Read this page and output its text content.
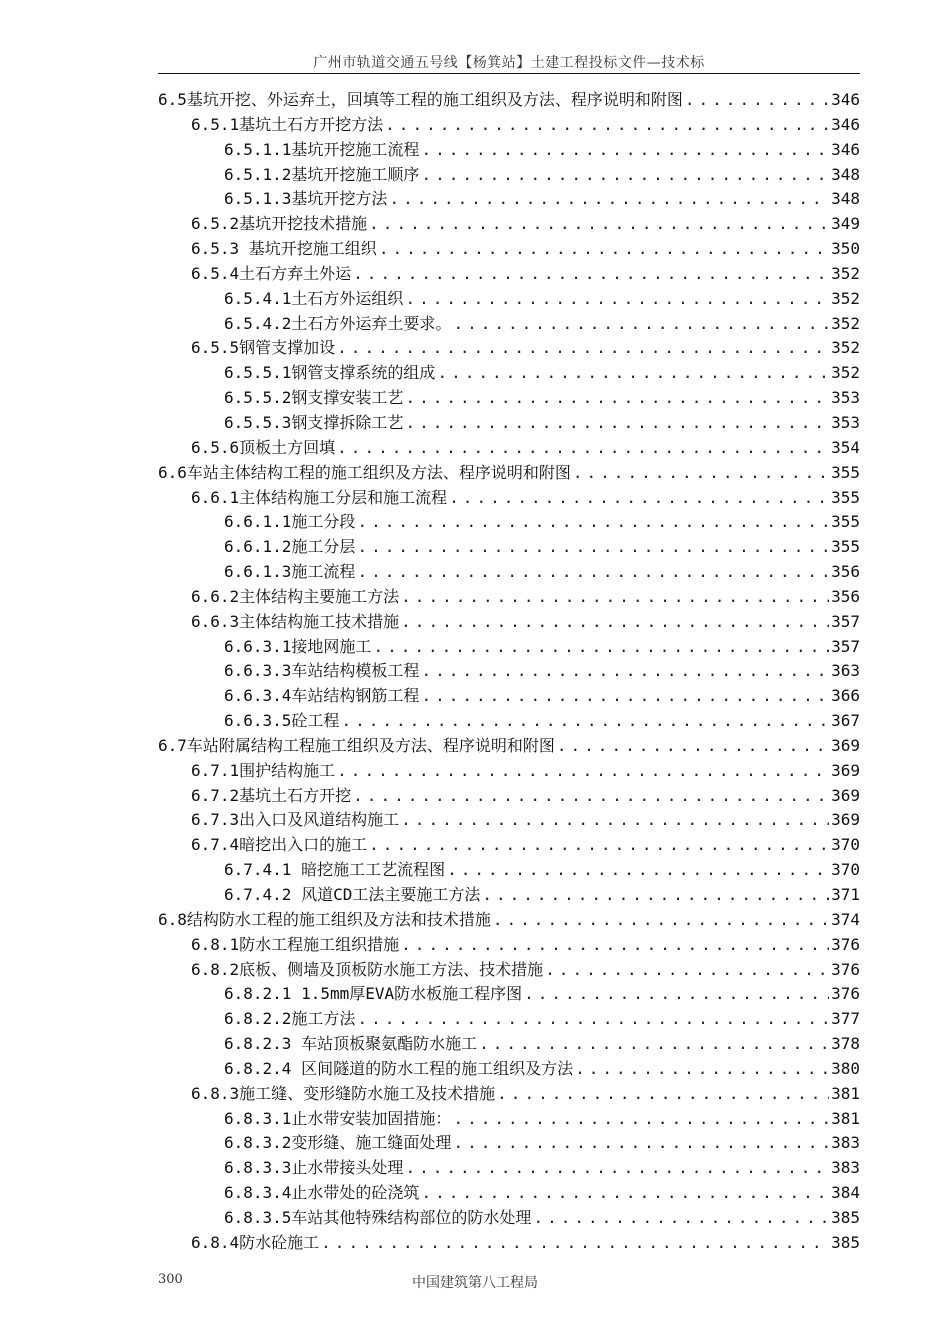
广州市轨道交通五号线【杨箕站】土建工程投标文件—技术标
6.5基坑开挖、外运弃土，回填等工程的施工组织及方法、程序说明和附图 .....	346
6.5.1基坑土石方开挖方法 .....	346
6.5.1.1基坑开挖施工流程 .....	346
6.5.1.2基坑开挖施工顺序 .....	348
6.5.1.3基坑开挖方法 .....	348
6.5.2基坑开挖技术措施 .....	349
6.5.3 基坑开挖施工组织 .....	350
6.5.4土石方弃土外运 .....	352
6.5.4.1土石方外运组织 .....	352
6.5.4.2土石方外运弃土要求。 .....	352
6.5.5钢管支撑加设 .....	352
6.5.5.1钢管支撑系统的组成 .....	352
6.5.5.2钢支撑安装工艺 .....	353
6.5.5.3钢支撑拆除工艺 .....	353
6.5.6顶板土方回填 .....	354
6.6车站主体结构工程的施工组织及方法、程序说明和附图 .....	355
6.6.1主体结构施工分层和施工流程 .....	355
6.6.1.1施工分段 .....	355
6.6.1.2施工分层 .....	355
6.6.1.3施工流程 .....	356
6.6.2主体结构主要施工方法 .....	356
6.6.3主体结构施工技术措施 .....	357
6.6.3.1接地网施工 .....	357
6.6.3.3车站结构模板工程 .....	363
6.6.3.4车站结构钢筋工程 .....	366
6.6.3.5砼工程 .....	367
6.7车站附属结构工程施工组织及方法、程序说明和附图 .....	369
6.7.1围护结构施工 .....	369
6.7.2基坑土石方开挖 .....	369
6.7.3出入口及风道结构施工 .....	369
6.7.4暗挖出入口的施工 .....	370
6.7.4.1 暗挖施工工艺流程图 .....	370
6.7.4.2 风道CD工法主要施工方法 .....	371
6.8结构防水工程的施工组织及方法和技术措施 .....	374
6.8.1防水工程施工组织措施 .....	376
6.8.2底板、侧墙及顶板防水施工方法、技术措施 .....	376
6.8.2.1 1.5mm厚EVA防水板施工程序图 .....	376
6.8.2.2施工方法 .....	377
6.8.2.3 车站顶板聚氨酯防水施工 .....	378
6.8.2.4 区间隧道的防水工程的施工组织及方法 .....	380
6.8.3施工缝、变形缝防水施工及技术措施 .....	381
6.8.3.1止水带安装加固措施： .....	381
6.8.3.2变形缝、施工缝面处理 .....	383
6.8.3.3止水带接头处理 .....	383
6.8.3.4止水带处的砼浇筑 .....	384
6.8.3.5车站其他特殊结构部位的防水处理 .....	385
6.8.4防水砼施工 .....	385
300	中国建筑第八工程局
